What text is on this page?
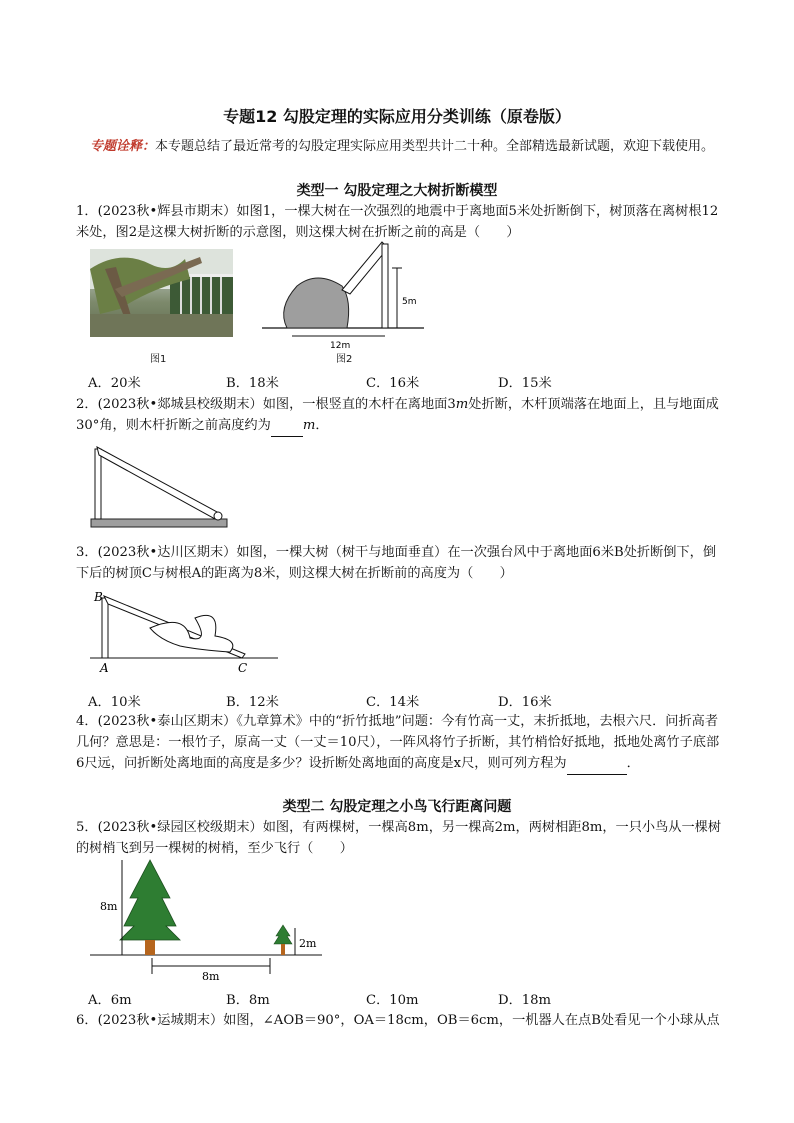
专题12 勾股定理的实际应用分类训练（原卷版）
专题诠释：本专题总结了最近常考的勾股定理实际应用类型共计二十种。全部精选最新试题，欢迎下载使用。
类型一 勾股定理之大树折断模型
1．(2023秋•辉县市期末）如图1，一棵大树在一次强烈的地震中于离地面5米处折断倒下，树顶落在离树根12米处，图2是这棵大树折断的示意图，则这棵大树在折断之前的高是（　　）
图1
5m
12m
图2
A．20米	B．18米	C．16米	D．15米
2．(2023秋•郯城县校级期末）如图，一根竖直的木杆在离地面3m处折断，木杆顶端落在地面上，且与地面成30°角，则木杆折断之前高度约为 m．
3．(2023秋•达川区期末）如图，一棵大树（树干与地面垂直）在一次强台风中于离地面6米B处折断倒下，倒下后的树顶C与树根A的距离为8米，则这棵大树在折断前的高度为（　　）
B
A	C
A．10米	B．12米	C．14米	D．16米
4．(2023秋•泰山区期末）《九章算术》中的“折竹抵地”问题：今有竹高一丈，末折抵地，去根六尺．问折高者几何？意思是：一根竹子，原高一丈（一丈＝10尺），一阵风将竹子折断，其竹梢恰好抵地，抵地处离竹子底部6尺远，问折断处离地面的高度是多少？设折断处离地面的高度是x尺，则可列方程为	．
类型二 勾股定理之小鸟飞行距离问题
5．(2023秋•绿园区校级期末）如图，有两棵树，一棵高8m，另一棵高2m，两树相距8m，一只小鸟从一棵树的树梢飞到另一棵树的树梢，至少飞行（　　）
8m
2m
8m
A．6m	B．8m	C．10m	D．18m
6．(2023秋•运城期末）如图，∠AOB＝90°，OA＝18cm，OB＝6cm，一机器人在点B处看见一个小球从点
